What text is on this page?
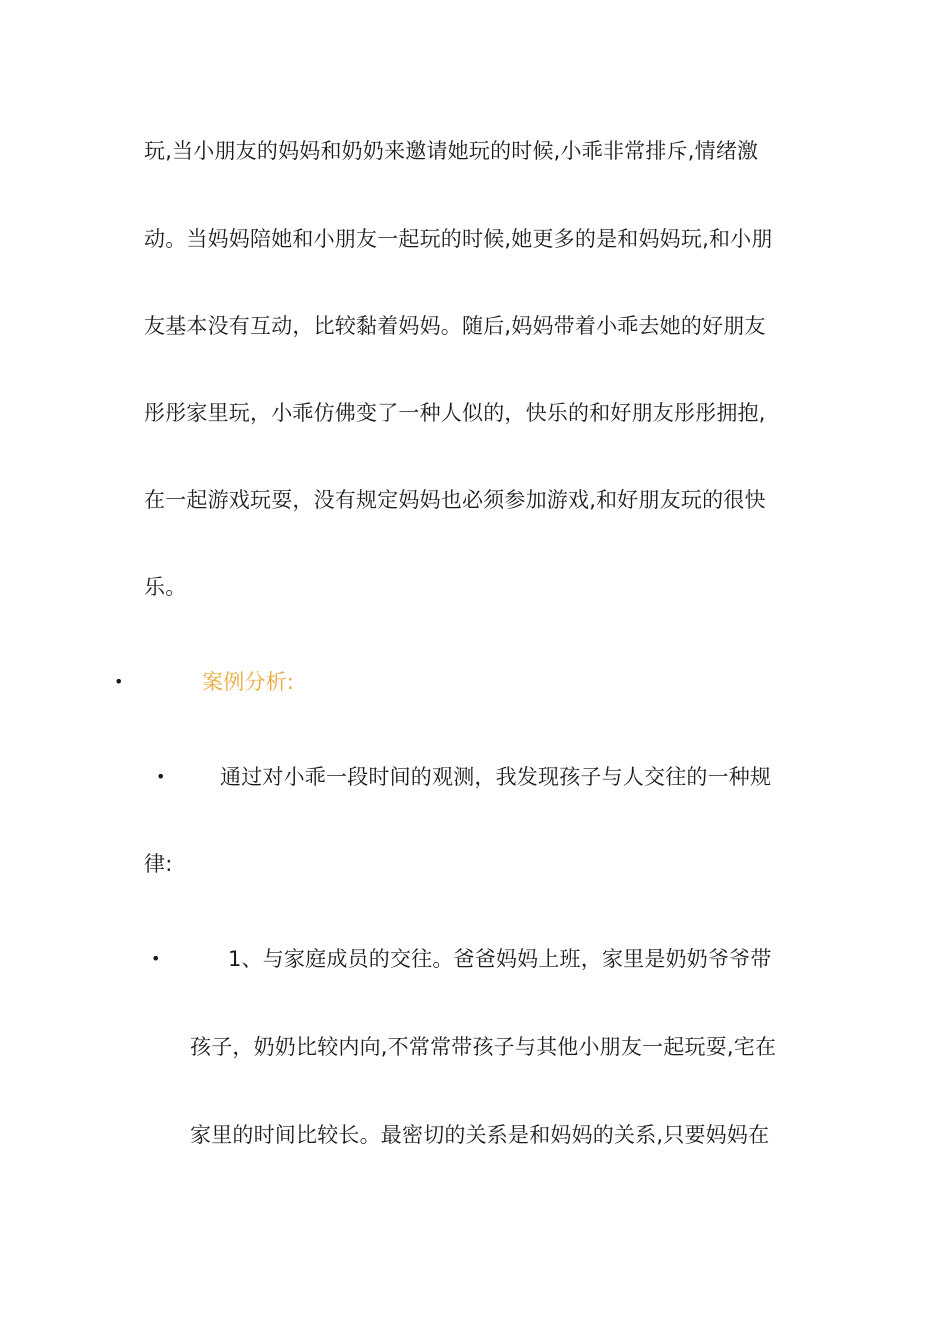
玩,当小朋友的妈妈和奶奶来邀请她玩的时候,小乖非常排斥,情绪激
动。当妈妈陪她和小朋友一起玩的时候,她更多的是和妈妈玩,和小朋
友基本没有互动，比较黏着妈妈。随后,妈妈带着小乖去她的好朋友
彤彤家里玩，小乖仿佛变了一种人似的，快乐的和好朋友彤彤拥抱,
在一起游戏玩耍，没有规定妈妈也必须参加游戏,和好朋友玩的很快
乐。
•	案例分析:
•	通过对小乖一段时间的观测，我发现孩子与人交往的一种规
律:
•	1、与家庭成员的交往。爸爸妈妈上班，家里是奶奶爷爷带
孩子，奶奶比较内向,不常常带孩子与其他小朋友一起玩耍,宅在
家里的时间比较长。最密切的关系是和妈妈的关系,只要妈妈在
